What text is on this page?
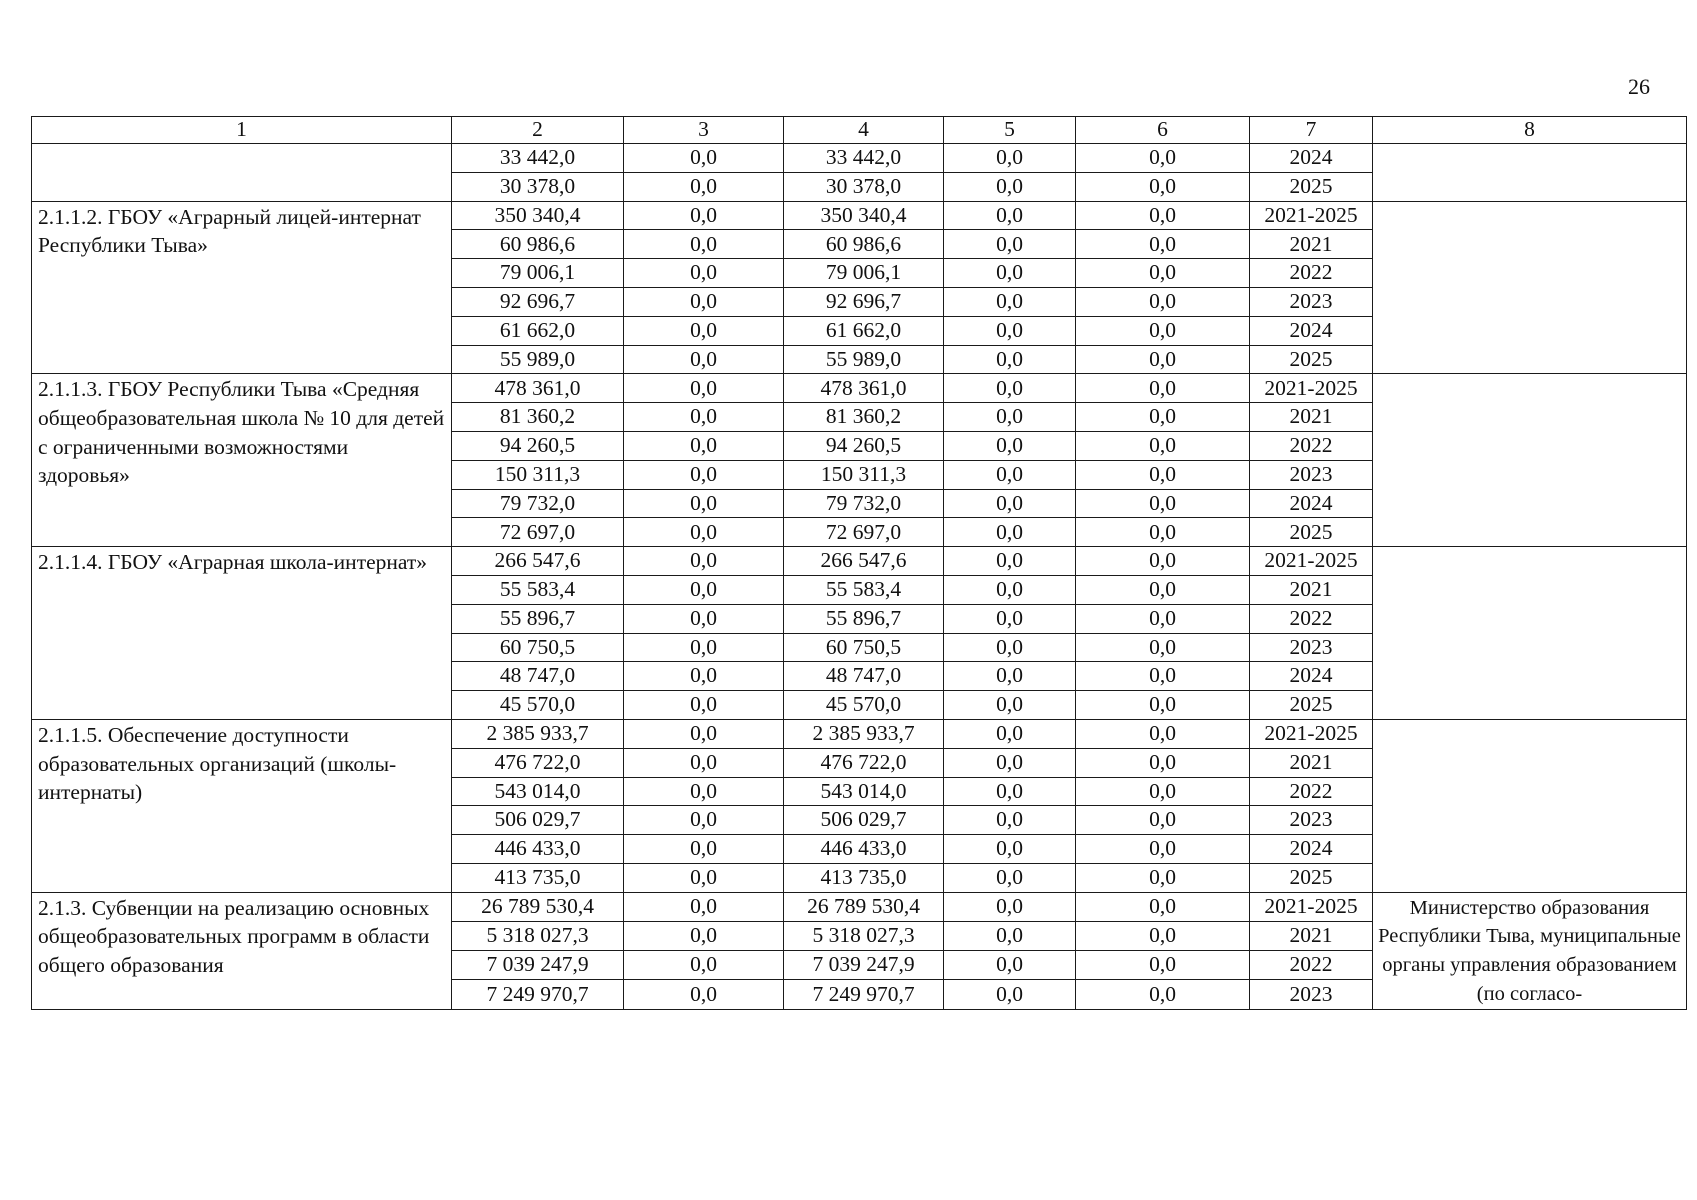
26
1	2	3	4	5	6	7	8
	33 442,0	0,0	33 442,0	0,0	0,0	2024	
	30 378,0	0,0	30 378,0	0,0	0,0	2025	
2.1.1.2. ГБОУ «Аграрный лицей-интернат Республики Тыва»	350 340,4	0,0	350 340,4	0,0	0,0	2021-2025	
	60 986,6	0,0	60 986,6	0,0	0,0	2021	
	79 006,1	0,0	79 006,1	0,0	0,0	2022	
	92 696,7	0,0	92 696,7	0,0	0,0	2023	
	61 662,0	0,0	61 662,0	0,0	0,0	2024	
	55 989,0	0,0	55 989,0	0,0	0,0	2025	
2.1.1.3. ГБОУ Республики Тыва «Средняя общеобразовательная школа № 10 для детей с ограниченными возможностями здоровья»	478 361,0	0,0	478 361,0	0,0	0,0	2021-2025	
	81 360,2	0,0	81 360,2	0,0	0,0	2021	
	94 260,5	0,0	94 260,5	0,0	0,0	2022	
	150 311,3	0,0	150 311,3	0,0	0,0	2023	
	79 732,0	0,0	79 732,0	0,0	0,0	2024	
	72 697,0	0,0	72 697,0	0,0	0,0	2025	
2.1.1.4. ГБОУ «Аграрная школа-интернат»	266 547,6	0,0	266 547,6	0,0	0,0	2021-2025	
	55 583,4	0,0	55 583,4	0,0	0,0	2021	
	55 896,7	0,0	55 896,7	0,0	0,0	2022	
	60 750,5	0,0	60 750,5	0,0	0,0	2023	
	48 747,0	0,0	48 747,0	0,0	0,0	2024	
	45 570,0	0,0	45 570,0	0,0	0,0	2025	
2.1.1.5. Обеспечение доступности образовательных организаций (школы-интернаты)	2 385 933,7	0,0	2 385 933,7	0,0	0,0	2021-2025	
	476 722,0	0,0	476 722,0	0,0	0,0	2021	
	543 014,0	0,0	543 014,0	0,0	0,0	2022	
	506 029,7	0,0	506 029,7	0,0	0,0	2023	
	446 433,0	0,0	446 433,0	0,0	0,0	2024	
	413 735,0	0,0	413 735,0	0,0	0,0	2025	
2.1.3. Субвенции на реализацию основных общеобразовательных программ в области общего образования	26 789 530,4	0,0	26 789 530,4	0,0	0,0	2021-2025	Министерство образования Республики Тыва, муниципальные органы управления образованием (по согласо-
	5 318 027,3	0,0	5 318 027,3	0,0	0,0	2021	
	7 039 247,9	0,0	7 039 247,9	0,0	0,0	2022	
	7 249 970,7	0,0	7 249 970,7	0,0	0,0	2023	
